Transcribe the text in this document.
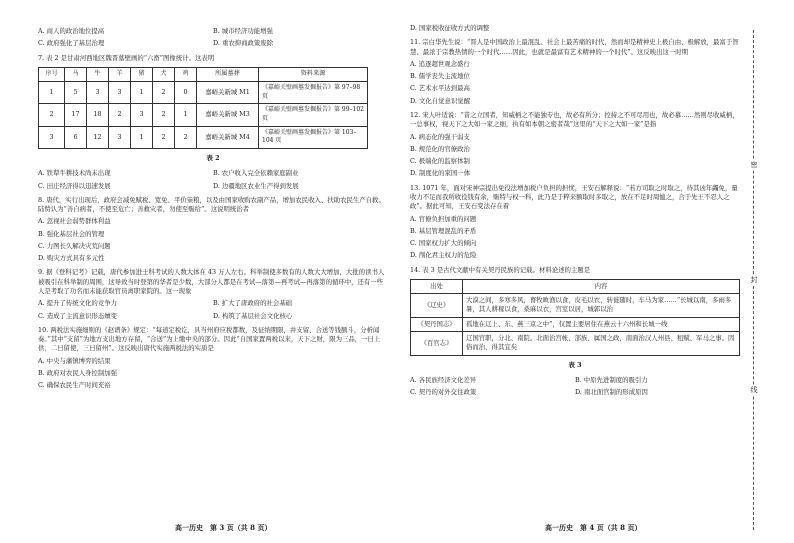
A. 商人的政治地位提高	B. 城市经济功能增强
C. 政府强化了基层治理	D. 重农抑商政策废除
7. 表 2 是甘肃河西地区魏晋墓壁画的“六畜”图像统计。这表明
序号	马	牛	羊	猪	犬	鸡	所属墓葬	资料来源
1	5	3	3	1	2	0	嘉峪关新城 M1	《嘉峪关壁画墓发掘报告》第 97–98 页
2	17	18	2	3	2	1	嘉峪关新城 M3	《嘉峪关壁画墓发掘报告》第 99–102 页
3	6	12	3	1	2	2	嘉峪关新城 M4	《嘉峪关壁画墓发掘报告》第 103–104 页
表 2
A. 铁犁牛耕技术尚未出现	B. 农户收入完全依赖家庭副业
C. 田庄经济得以迅速发展	D. 边疆地区农业生产得到发展
8. 唐代，实行出现后，政府会减免赋税、宽免、平价粜粮，以及由国家收购农副产品，增加农民收入、扶助农民生产自救。陆贽认为“善自病者，不使至危亡；善救灾者，勿使至赈给”。这说明统治者
A. 忽视社会弱势群体利益
B. 强化基层社会的管理
C. 力图长久解决灾荒问题
D. 购灾方式具有多元性
9. 据《登科记考》记载，唐代参加进士科考试的人数大体在 43 万人左右。科举制使多数有的人数大大增加，大批的读书人被吸引在科举制的周围，这导致当时登第的华者是少数，大部分人都是在考试—落第—再考试—再落第的循环中，还有一些人是考取了功名而未能获取官员离职家院的。这一现象
A. 提升了传统文化的竞争力	B. 扩大了唐政府的社会基础
C. 造成了主流意识形态嬗变	D. 构筑了基层社会文化核心
10. 两税法实施细则的《赵谱条》规定：“每道定税讫，具当州府应税都数，及征纳期限，并支留、合送等钱额斗，分析闻奏。”其中“支留”为地方支出地方存留，“合送”为上缴中央的部分。因此“自国家置两税以来，天下之财，限为三品，一曰上供，二曰留使，三曰留州”。这反映出唐代实施两税法的实质是
A. 中央与藩镇博弈的结果
B. 政府对农民人身控制加强
C. 确保农民生产时间充裕
高一历史　第 3 页（共 8 页）
D. 国家税收征收方式的调整
11. 宗白华先生说：“晋人是中国政治上最混乱、社会上最苦痛的时代，然而却是精神史上极自由、极解放，最富于智慧、最浓于宗教热情的一个时代……因此，也就是最富有艺术精神的一个时代”。这反映出这一时期
A. 追逐超世观念盛行
B. 儒学丧失主流地位
C. 艺术水平达到最高
D. 文化自觉意识觉醒
12. 宋人叶适说：“昔之立国者，知威柄之不能独专也，故必有所分；控持之不可尽用也，故必慕……然则尽收威柄，一总事权，视天下之大如一家之细，执有如本朝之密者哉”这里的“天下之大如一家”是指
A. 病态化的强干弱支
B. 规范化的官僚政治
C. 极端化的监察体制
D. 制度化的家国一体
13. 1071 年，面对宋神宗提出免役法增加税户负担的担忧，王安石解释说：“若方司取之时取之，待其凶年蠲免，量收力不足而我所收役钱有余，赈特与权一科，此乃是于粹来额取时多取之，放在不足时周恤之，合于先王不忍人之政”。据此可知，王安石变法存在着
A. 官僚负担加重的问题
B. 基层管理混乱的矛盾
C. 国家权力扩大的倾向
D. 削化君主权力的危险
14. 表 3 是古代文献中有关契丹民族的记载。材料论述的主题是
出处	内容
《辽史》	大漠之间，多寒多风，畜牧畋渔以食，皮毛以衣，转徙随时，车马为家……“长城以南，多雨多暑，其人耕稼以食，桑麻以衣，宫室以居，城郭以治
《契丹国志》	孤地在辽上、东、燕三京之中”，仅置主要居住在燕云十六州和长城一线
《百官志》	辽国官职，分北、南院。北面治宫帐、部族、属国之政，南面治汉人州县、租赋、军马之事。因俗而治，得其宜矣
表 3
A. 各民族经济文化差异	B. 中原先进制度的吸引力
C. 契丹的对外交往政策	D. 南北面官制的形成原因
高一历史　第 4 页（共 8 页）
密
封
线
